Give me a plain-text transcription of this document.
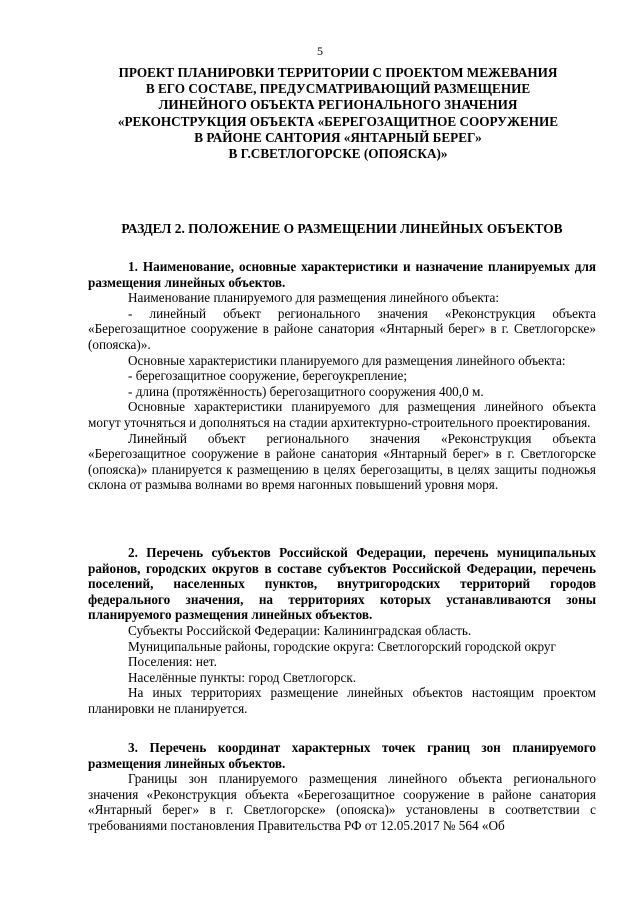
5
ПРОЕКТ ПЛАНИРОВКИ ТЕРРИТОРИИ С ПРОЕКТОМ МЕЖЕВАНИЯ
В ЕГО СОСТАВЕ, ПРЕДУСМАТРИВАЮЩИЙ РАЗМЕЩЕНИЕ
ЛИНЕЙНОГО ОБЪЕКТА РЕГИОНАЛЬНОГО ЗНАЧЕНИЯ
«РЕКОНСТРУКЦИЯ ОБЪЕКТА «БЕРЕГОЗАЩИТНОЕ СООРУЖЕНИЕ
В РАЙОНЕ САНТОРИЯ «ЯНТАРНЫЙ БЕРЕГ»
В Г.СВЕТЛОГОРСКЕ (ОПОЯСКА)»
РАЗДЕЛ 2. ПОЛОЖЕНИЕ О РАЗМЕЩЕНИИ ЛИНЕЙНЫХ ОБЪЕКТОВ

1. Наименование, основные характеристики и назначение планируемых для размещения линейных объектов.

Наименование планируемого для размещения линейного объекта:

- линейный объект регионального значения «Реконструкция объекта «Берегозащитное сооружение в районе санатория «Янтарный берег» в г. Светлогорске» (опояска)».

Основные характеристики планируемого для размещения линейного объекта:

- берегозащитное сооружение, берегоукрепление;

- длина (протяжённость) берегозащитного сооружения 400,0 м.

Основные характеристики планируемого для размещения линейного объекта могут уточняться и дополняться на стадии архитектурно-строительного проектирования.

Линейный объект регионального значения «Реконструкция объекта «Берегозащитное сооружение в районе санатория «Янтарный берег» в г. Светлогорске (опояска)» планируется к размещению в целях берегозащиты, в целях защиты подножья склона от размыва волнами во время нагонных повышений уровня моря.

2. Перечень субъектов Российской Федерации, перечень муниципальных районов, городских округов в составе субъектов Российской Федерации, перечень поселений, населенных пунктов, внутригородских территорий городов федерального значения, на территориях которых устанавливаются зоны планируемого размещения линейных объектов.

Субъекты Российской Федерации: Калининградская область.

Муниципальные районы, городские округа: Светлогорский городской округ

Поселения: нет.

Населённые пункты: город Светлогорск.

На иных территориях размещение линейных объектов настоящим проектом планировки не планируется.

3. Перечень координат характерных точек границ зон планируемого размещения линейных объектов.

Границы зон планируемого размещения линейного объекта регионального значения «Реконструкция объекта «Берегозащитное сооружение в районе санатория «Янтарный берег» в г. Светлогорске» (опояска)» установлены в соответствии с требованиями постановления Правительства РФ от 12.05.2017 № 564 «Об
